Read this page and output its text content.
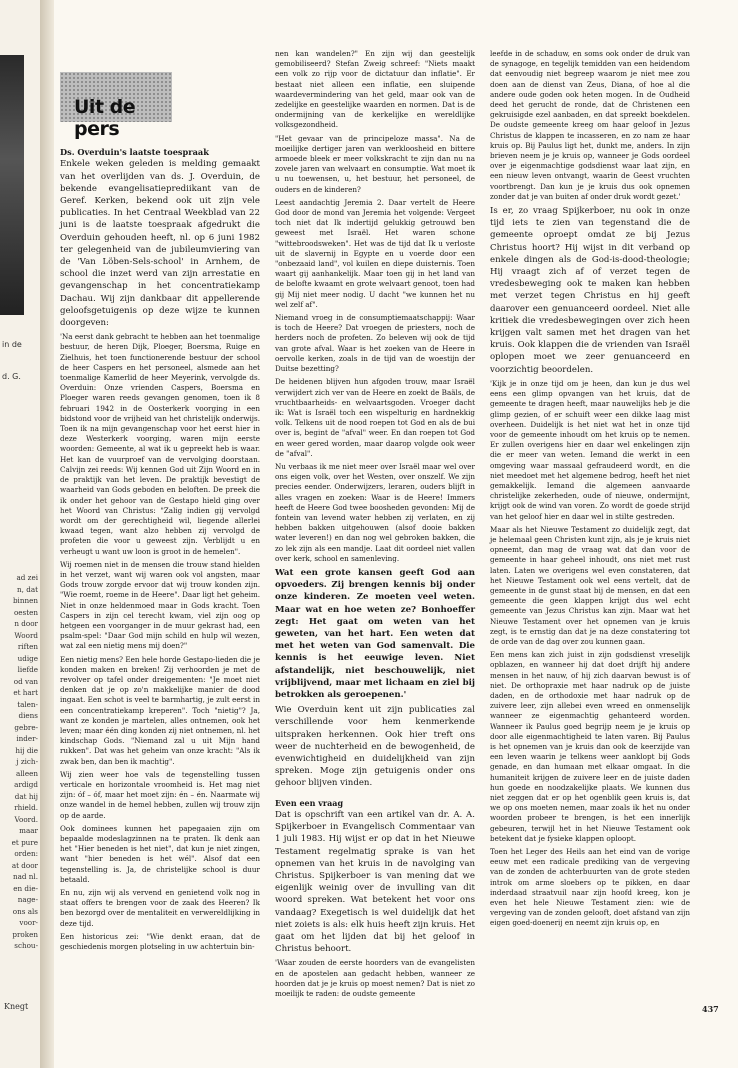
in de
d. G.
ad zei
n, dat
binnen
oesten
n door
Woord
riften
udige
liefde
od van
et hart
talen-
diens
gebre-
inder-
hij die
j zich-
alleen
ardigd
dat hij
rhield.
Voord.
maar
et pure
orden:
at door
nad nl.
en die-
nage-
ons als
voor-
proken
schou-
Knegt
Uit de pers
Ds. Overduin's laatste toespraak

Enkele weken geleden is melding gemaakt van het overlijden van ds. J. Overduin, de bekende evangelisatieprediikant van de Geref. Kerken, bekend ook uit zijn vele publicaties. In het Centraal Weekblad van 22 juni is de laatste toespraak afgedrukt die Overduin gehouden heeft, nl. op 6 juni 1982 ter gelegenheid van de jubileumviering van de 'Van Löben-Sels-school' in Arnhem, de school die inzet werd van zijn arrestatie en gevangenschap in het concentratiekamp Dachau. Wij zijn dankbaar dit appellerende geloofsgetuigenis op deze wijze te kunnen doorgeven:

'Na eerst dank gebracht te hebben aan het toenmalige bestuur, de heren Dijk, Ploeger, Boersma, Ruige en Zielhuis, het toen functionerende bestuur der school de heer Caspers en het personeel, alsmede aan het toenmalige Kamerlid de heer Meyerink, vervolgde ds. Overduin: Onze vrienden Caspers, Boersma en Ploeger waren reeds gevangen genomen, toen ik 8 februari 1942 in de Oosterkerk voorging in een bidstond voor de vrijheid van het christelijk onderwijs. Toen ik na mijn gevangenschap voor het eerst hier in deze Westerkerk voorging, waren mijn eerste woorden: Gemeente, al wat ik u gepreekt heb is waar. Het kan de vuurproef van de vervolging doorstaan. Calvijn zei reeds: Wij kennen God uit Zijn Woord en in de praktijk van het leven. De praktijk bevestigt de waarheid van Gods geboden en beloften. De preek die ik onder het gehoor van de Gestapo hield ging over het Woord van Christus: "Zalig indien gij vervolgd wordt om der gerechtigheid wil, liegende allerlei kwaad tegen, want alzo hebben zij vervolgd de profeten die voor u geweest zijn. Verblijdt u en verheugt u want uw loon is groot in de hemelen".

Wij roemen niet in de mensen die trouw stand hielden in het verzet, want wij waren ook vol angsten, maar Gods trouw zorgde ervoor dat wij trouw konden zijn. "Wie roemt, roeme in de Heere". Daar ligt het geheim. Niet in onze heldenmoed maar in Gods kracht. Toen Caspers in zijn cel terecht kwam, viel zijn oog op hetgeen een voorganger in de muur gekrast had, een psalm-spel: "Daar God mijn schild en hulp wil wezen, wat zal een nietig mens mij doen?"

Een nietig mens? Een hele horde Gestapo-lieden die je konden maken en breken! Zij verhoorden je met de revolver op tafel onder dreigementen: "Je moet niet denken dat je op zo'n makkelijke manier de dood ingaat. Een schot is veel te barmhartig, je zult eerst in een concentratiekamp kreperen". Toch "nietig"? Ja, want ze konden je martelen, alles ontnemen, ook het leven; maar één ding konden zij niet ontnemen, nl. het kindschap Gods. "Niemand zal u uit Mijn hand rukken". Dat was het geheim van onze kracht: "Als ik zwak ben, dan ben ik machtig".

Wij zien weer hoe vals de tegenstelling tussen verticale en horizontale vroomheid is. Het mag niet zijn: óf – óf, maar het moet zijn: én – én. Naarmate wij onze wandel in de hemel hebben, zullen wij trouw zijn op de aarde.

Ook dominees kunnen het papegaaien zijn om bepaalde modeslagzinnen na te praten. Ik denk aan het "Hier beneden is het niet", dat kun je niet zingen, want "hier beneden is het wél". Alsof dat een tegenstelling is. Ja, de christelijke school is duur betaald.

En nu, zijn wij als vervend en genietend volk nog in staat offers te brengen voor de zaak des Heeren? Ik ben bezorgd over de mentaliteit en verwereldlijking in deze tijd.

Een historicus zei: "Wie denkt eraan, dat de geschiedenis morgen plotseling in uw achtertuin bin-

nen kan wandelen?" En zijn wij dan geestelijk gemobiliseerd? Stefan Zweig schreef: "Niets maakt een volk zo rijp voor de dictatuur dan inflatie". Er bestaat niet alleen een inflatie, een sluipende waardevermindering van het geld, maar ook van de zedelijke en geestelijke waarden en normen. Dat is de ondermijning van de kerkelijke en wereldlijke volksgezondheid.

"Het gevaar van de principeloze massa". Na de moeilijke dertiger jaren van werkloosheid en bittere armoede bleek er meer volkskracht te zijn dan nu na zovele jaren van welvaart en consumptie. Wat moet ik u nu toewensen, u, het bestuur, het personeel, de ouders en de kinderen?

Leest aandachtig Jeremia 2. Daar vertelt de Heere God door de mond van Jeremia het volgende: Vergeet toch niet dat Ik indertijd gelukkig getrouwd ben geweest met Israël. Het waren schone "wittebroodsweken". Het was de tijd dat Ik u verloste uit de slavernij in Egypte en u voerde door een "onbezaaid land", vol kuilen en diepe duisternis. Toen waart gij aanhankelijk. Maar toen gij in het land van de belofte kwaamt en grote welvaart genoot, toen had gij Mij niet meer nodig. U dacht "we kunnen het nu wel zelf af".

Niemand vroeg in de consumptiemaatschappij: Waar is toch de Heere? Dat vroegen de priesters, noch de herders noch de profeten. Zo beleven wij ook de tijd van grote afval. Waar is het zoeken van de Heere in oervolle kerken, zoals in de tijd van de woestijn der Duitse bezetting?

De heidenen blijven hun afgoden trouw, maar Israël verwijdert zich ver van de Heere en zoekt de Baäls, de vruchtbaarheids- en welvaartsgoden. Vroeger dacht ik: Wat is Israël toch een wispelturig en hardnekkig volk. Telkens uit de nood roepen tot God en als de bui over is, begint de "afval" weer. En dan roepen tot God en weer gered worden, maar daarop volgde ook weer de "afval".

Nu verbaas ik me niet meer over Israël maar wel over ons eigen volk, over het Westen, over onszelf. We zijn precies eender. Onderwijzers, leraren, ouders blijft in alles vragen en zoeken: Waar is de Heere! Immers heeft de Heere God twee boosheden gevonden: Mij de fontein van levend water hebben zij verlaten, en zij hebben bakken uitgehouwen (alsof dooie bakken water leveren!) en dan nog wel gebroken bakken, die zo lek zijn als een mandje. Laat dit oordeel niet vallen over kerk, school en samenleving.

Wat een grote kansen geeft God aan opvoeders. Zij brengen kennis bij onder onze kinderen. Ze moeten veel weten. Maar wat en hoe weten ze? Bonhoeffer zegt: Het gaat om weten van het geweten, van het hart. Een weten dat met het weten van God samenvalt. Die kennis is het eeuwige leven. Niet afstandelijk, niet beschouwelijk, niet vrijblijvend, maar met lichaam en ziel bij betrokken als geroepenen.'

Wie Overduin kent uit zijn publicaties zal verschillende voor hem kenmerkende uitspraken herkennen. Ook hier treft ons weer de nuchterheid en de bewogenheid, de evenwichtigheid en duidelijkheid van zijn spreken. Moge zijn getuigenis onder ons gehoor blijven vinden.

Even een vraag

Dat is opschrift van een artikel van dr. A. A. Spijkerboer in Evangelisch Commentaar van 1 juli 1983. Hij wijst er op dat in het Nieuwe Testament regelmatig sprake is van het opnemen van het kruis in de navolging van Christus. Spijkerboer is van mening dat we eigenlijk weinig over de invulling van dit woord spreken. Wat betekent het voor ons vandaag? Exegetisch is wel duidelijk dat het niet zoiets is als: elk huis heeft zijn kruis. Het gaat om het lijden dat bij het geloof in Christus behoort.

'Waar zouden de eerste hoorders van de evangelisten en de apostelen aan gedacht hebben, wanneer ze hoorden dat je je kruis op moest nemen? Dat is niet zo moeilijk te raden: de oudste gemeente

leefde in de schaduw, en soms ook onder de druk van de synagoge, en tegelijk temidden van een heidendom dat eenvoudig niet begreep waarom je niet mee zou doen aan de dienst van Zeus, Diana, of hoe al die andere oude goden ook heten mogen. In de Oudheid deed het gerucht de ronde, dat de Christenen een gekruisigde ezel aanbaden, en dat spreekt boekdelen. De oudste gemeente kreeg om haar geloof in Jezus Christus de klappen te incasseren, en zo nam ze haar kruis op. Bij Paulus ligt het, dunkt me, anders. In zijn brieven neem je je kruis op, wanneer je Gods oordeel over je eigenmachtige godsdienst waar laat zijn, en een nieuw leven ontvangt, waarin de Geest vruchten voortbrengt. Dan kun je je kruis dus ook opnemen zonder dat je van buiten af onder druk wordt gezet.'

Is er, zo vraag Spijkerboer, nu ook in onze tijd iets te zien van tegenstand die de gemeente oproept omdat ze bij Jezus Christus hoort? Hij wijst in dit verband op enkele dingen als de God-is-dood-theologie; Hij vraagt zich af of verzet tegen de vredesbeweging ook te maken kan hebben met verzet tegen Christus en hij geeft daarover een genuanceerd oordeel. Niet alle kritiek die vredesbewegingen over zich heen krijgen valt samen met het dragen van het kruis. Ook klappen die de vrienden van Israël oplopen moet we zeer genuanceerd en voorzichtig beoordelen.

'Kijk je in onze tijd om je heen, dan kun je dus wel eens een glimp opvangen van het kruis, dat de gemeente te dragen heeft, maar nauwelijks heb je die glimp gezien, of er schuift weer een dikke laag mist overheen. Duidelijk is het niet wat het in onze tijd voor de gemeente inhoudt om het kruis op te nemen. Er zullen overigens hier en daar wel enkelingen zijn die er meer van weten. Iemand die werkt in een omgeving waar massaal gefraudeerd wordt, en die niet meedoet met het algemene bedrog, heeft het niet gemakkelijk. Iemand die algemeen aanvaarde christelijke zekerheden, oude of nieuwe, ondermijnt, krijgt ook de wind van voren. Zo wordt de goede strijd van het geloof hier en daar wel in stilte gestreden.

Maar als het Nieuwe Testament zo duidelijk zegt, dat je helemaal geen Christen kunt zijn, als je je kruis niet opneemt, dan mag de vraag wat dat dan voor de gemeente in haar geheel inhoudt, ons niet met rust laten. Laten we overigens wel even constateren, dat het Nieuwe Testament ook wel eens vertelt, dat de gemeente in de gunst staat bij de mensen, en dat een gemeente die geen klappen krijgt dus wel echt gemeente van Jezus Christus kan zijn. Maar wat het Nieuwe Testament over het opnemen van je kruis zegt, is te ernstig dan dat je na deze constatering tot de orde van de dag over zou kunnen gaan.

Een mens kan zich juist in zijn godsdienst vreselijk opblazen, en wanneer hij dat doet drijft hij andere mensen in het nauw, of hij zich daarvan bewust is of niet. De orthopraxie met haar nadruk op de juiste daden, en de orthodoxie met haar nadruk op de zuivere leer, zijn allebei even wreed en onmenselijk wanneer ze eigenmachtig gehanteerd worden. Wanneer ik Paulus goed begrijp neem je je kruis op door alle eigenmachtigheid te laten varen. Bij Paulus is het opnemen van je kruis dan ook de keerzijde van een leven waarin je telkens weer aanklopt bij Gods genade, en dan humaan met elkaar omgaat. In die humaniteit krijgen de zuivere leer en de juiste daden hun goede en noodzakelijke plaats. We kunnen dus niet zeggen dat er op het ogenblik geen kruis is, dat we op ons moeten nemen, maar zoals ik het nu onder woorden probeer te brengen, is het een innerlijk gebeuren, terwijl het in het Nieuwe Testament ook betekent dat je fysieke klappen oploopt.

Toen het Leger des Heils aan het eind van de vorige eeuw met een radicale prediking van de vergeving van de zonden de achterbuurten van de grote steden introk om arme sloebers op te pikken, en daar inderdaad straatvuil naar zijn hoofd kreeg, kon je even het hele Nieuwe Testament zien: wie de vergeving van de zonden gelooft, doet afstand van zijn eigen goed-doenerij en neemt zijn kruis op, en

437
